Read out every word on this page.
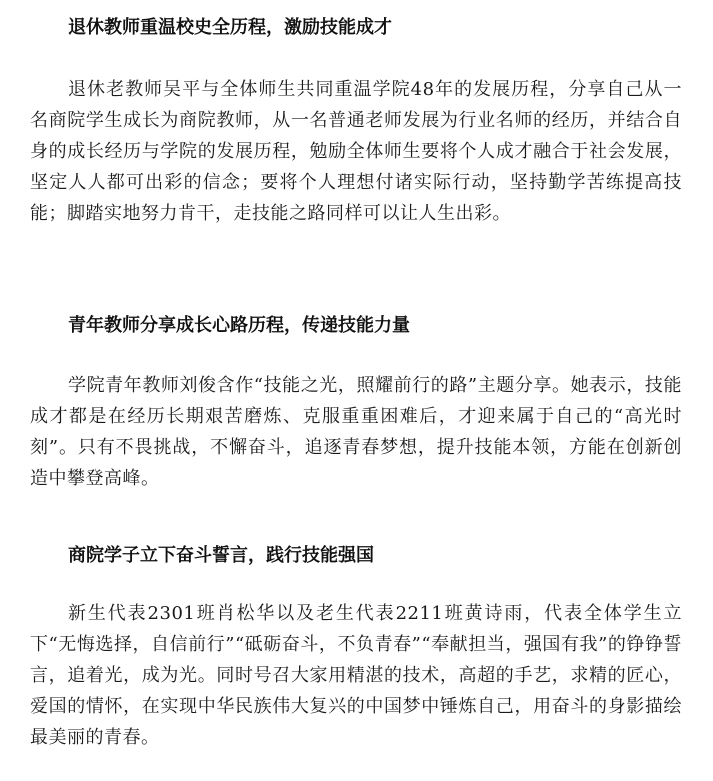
退休教师重温校史全历程，激励技能成才

退休老教师吴平与全体师生共同重温学院48年的发展历程，分享自己从一名商院学生成长为商院教师，从一名普通老师发展为行业名师的经历，并结合自身的成长经历与学院的发展历程，勉励全体师生要将个人成才融合于社会发展，坚定人人都可出彩的信念；要将个人理想付诸实际行动，坚持勤学苦练提高技能；脚踏实地努力肯干，走技能之路同样可以让人生出彩。

青年教师分享成长心路历程，传递技能力量

学院青年教师刘俊含作“技能之光，照耀前行的路”主题分享。她表示，技能成才都是在经历长期艰苦磨炼、克服重重困难后，才迎来属于自己的“高光时刻”。只有不畏挑战，不懈奋斗，追逐青春梦想，提升技能本领，方能在创新创造中攀登高峰。

商院学子立下奋斗誓言，践行技能强国

新生代表2301班肖松华以及老生代表2211班黄诗雨，代表全体学生立下“无悔选择，自信前行”“砥砺奋斗，不负青春”“奉献担当，强国有我”的铮铮誓言，追着光，成为光。同时号召大家用精湛的技术，高超的手艺，求精的匠心，爱国的情怀，在实现中华民族伟大复兴的中国梦中锤炼自己，用奋斗的身影描绘最美丽的青春。
